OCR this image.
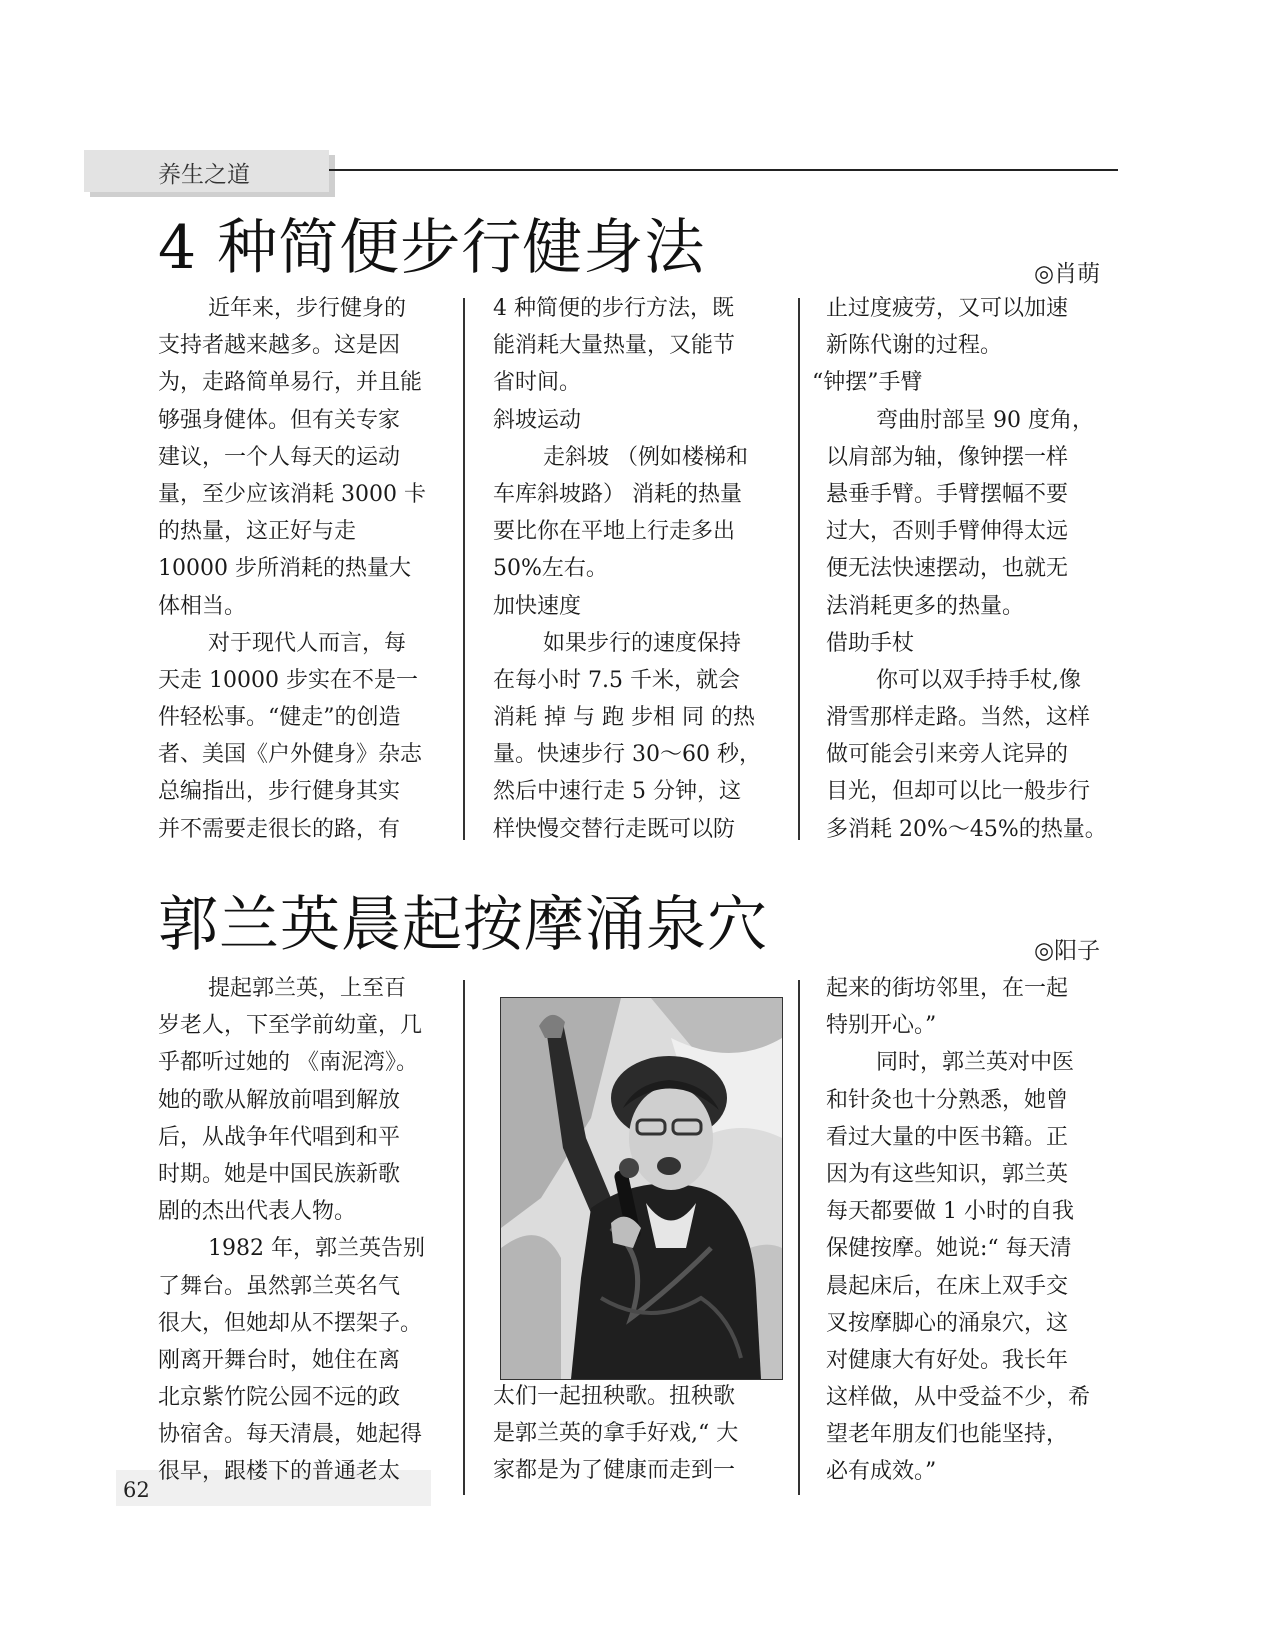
养生之道
4 种简便步行健身法	◎肖萌
近年来，步行健身的
支持者越来越多。这是因
为，走路简单易行，并且能
够强身健体。但有关专家
建议，一个人每天的运动
量，至少应该消耗 3000 卡
的热量，这正好与走
10000 步所消耗的热量大
体相当。
对于现代人而言，每
天走 10000 步实在不是一
件轻松事。“健走”的创造
者、美国《户外健身》杂志
总编指出，步行健身其实
并不需要走很长的路，有
4 种简便的步行方法，既
能消耗大量热量，又能节
省时间。
斜坡运动
走斜坡 （例如楼梯和
车库斜坡路） 消耗的热量
要比你在平地上行走多出
50%左右。
加快速度
如果步行的速度保持
在每小时 7.5 千米，就会
消耗 掉 与 跑 步相 同 的热
量。快速步行 30～60 秒，
然后中速行走 5 分钟，这
样快慢交替行走既可以防
止过度疲劳，又可以加速
新陈代谢的过程。
“钟摆”手臂
弯曲肘部呈 90 度角，
以肩部为轴，像钟摆一样
悬垂手臂。手臂摆幅不要
过大，否则手臂伸得太远
便无法快速摆动，也就无
法消耗更多的热量。
借助手杖
你可以双手持手杖,像
滑雪那样走路。当然，这样
做可能会引来旁人诧异的
目光，但却可以比一般步行
多消耗 20%～45%的热量。
郭兰英晨起按摩涌泉穴	◎阳子
提起郭兰英，上至百
岁老人，下至学前幼童，几
乎都听过她的 《南泥湾》。
她的歌从解放前唱到解放
后，从战争年代唱到和平
时期。她是中国民族新歌
剧的杰出代表人物。
1982 年，郭兰英告别
了舞台。虽然郭兰英名气
很大，但她却从不摆架子。
刚离开舞台时，她住在离
北京紫竹院公园不远的政
协宿舍。每天清晨，她起得
很早，跟楼下的普通老太
太们一起扭秧歌。扭秧歌
是郭兰英的拿手好戏,“ 大
家都是为了健康而走到一
起来的街坊邻里，在一起
特别开心。”
同时，郭兰英对中医
和针灸也十分熟悉，她曾
看过大量的中医书籍。正
因为有这些知识，郭兰英
每天都要做 1 小时的自我
保健按摩。她说:“ 每天清
晨起床后，在床上双手交
叉按摩脚心的涌泉穴，这
对健康大有好处。我长年
这样做，从中受益不少，希
望老年朋友们也能坚持，
必有成效。”
62
